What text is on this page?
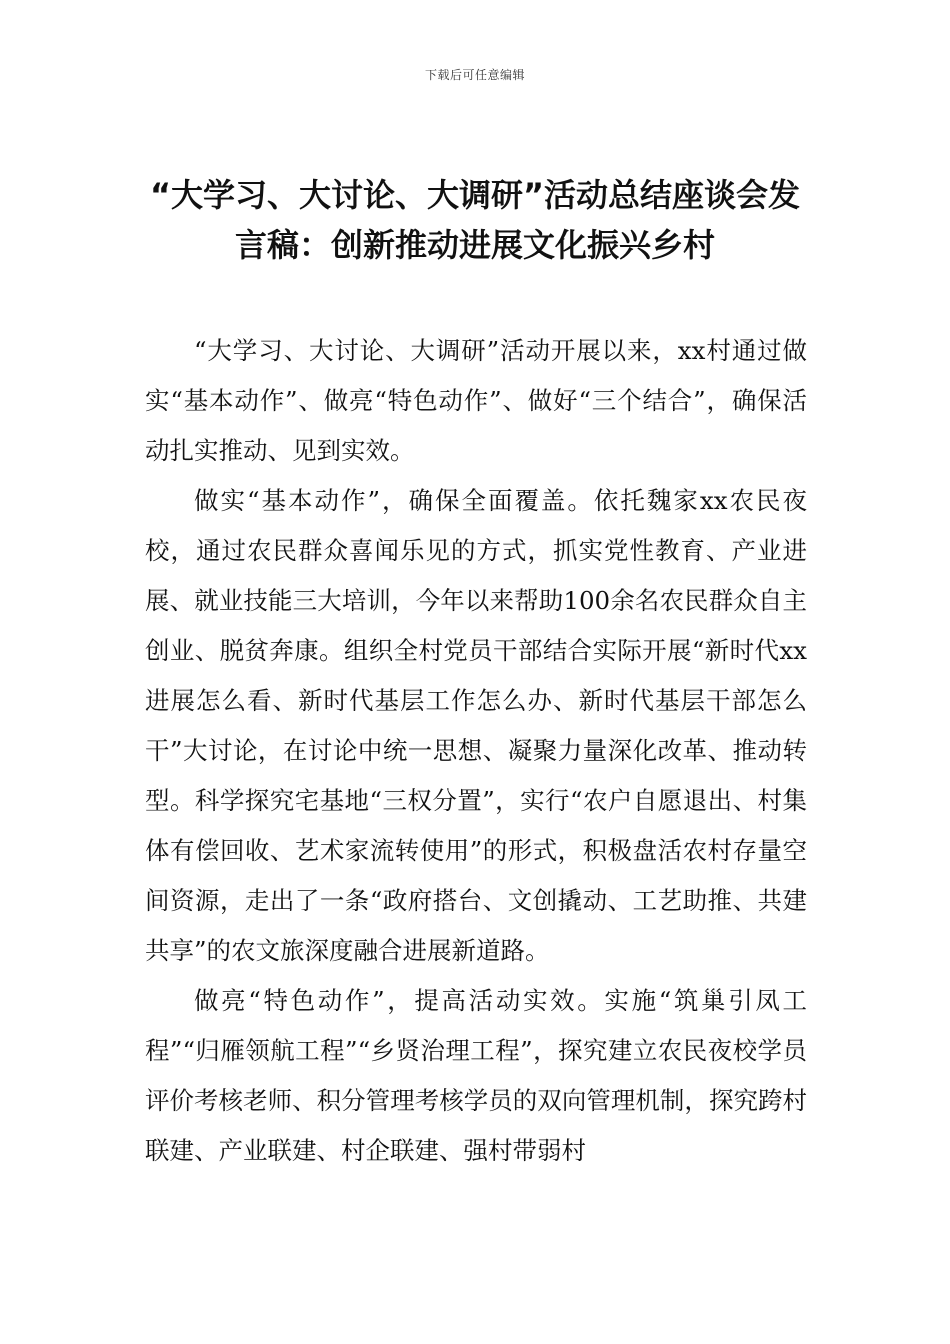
下载后可任意编辑
“大学习、大讨论、大调研”活动总结座谈会发言稿：创新推动进展文化振兴乡村

“大学习、大讨论、大调研”活动开展以来，xx村通过做实“基本动作”、做亮“特色动作”、做好“三个结合”，确保活动扎实推动、见到实效。

做实“基本动作”，确保全面覆盖。依托魏家xx农民夜校，通过农民群众喜闻乐见的方式，抓实党性教育、产业进展、就业技能三大培训，今年以来帮助100余名农民群众自主创业、脱贫奔康。组织全村党员干部结合实际开展“新时代xx进展怎么看、新时代基层工作怎么办、新时代基层干部怎么干”大讨论，在讨论中统一思想、凝聚力量深化改革、推动转型。科学探究宅基地“三权分置”，实行“农户自愿退出、村集体有偿回收、艺术家流转使用”的形式，积极盘活农村存量空间资源，走出了一条“政府搭台、文创撬动、工艺助推、共建共享”的农文旅深度融合进展新道路。

做亮“特色动作”，提高活动实效。实施“筑巢引凤工程”“归雁领航工程”“乡贤治理工程”，探究建立农民夜校学员评价考核老师、积分管理考核学员的双向管理机制，探究跨村联建、产业联建、村企联建、强村带弱村
